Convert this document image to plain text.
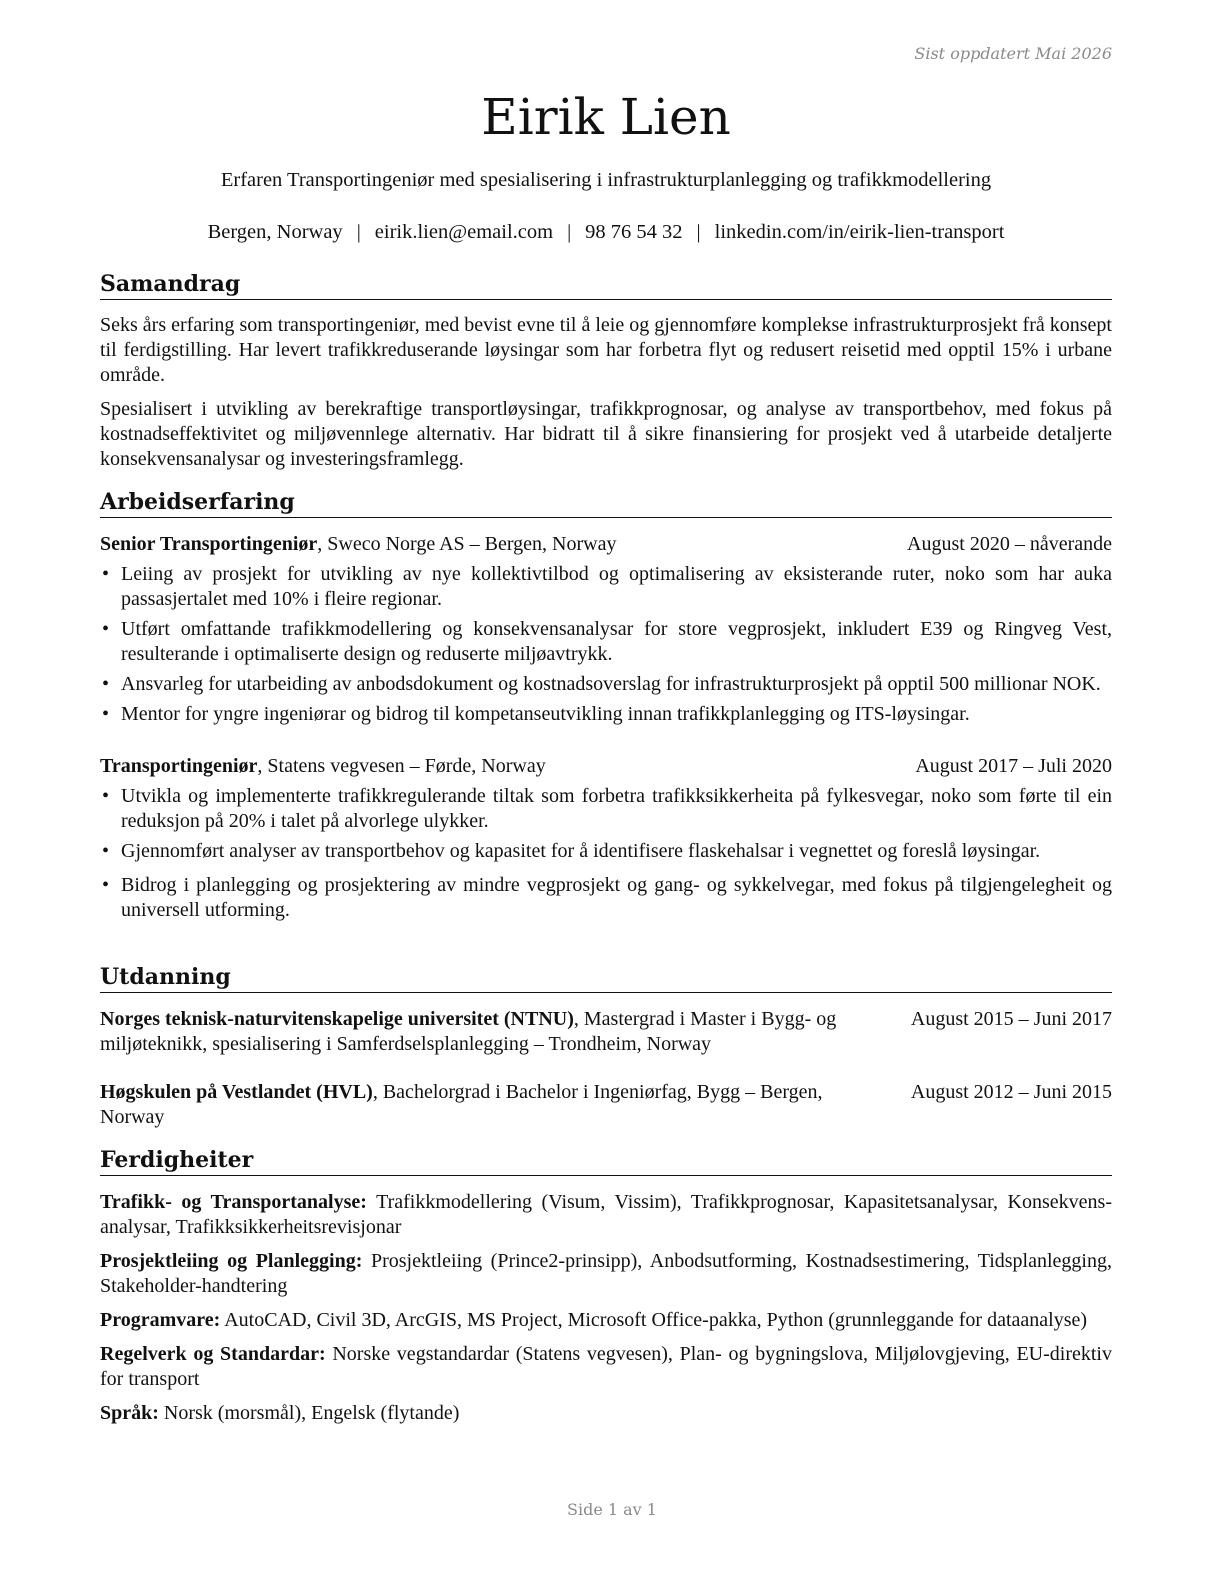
Sist oppdatert Mai 2026
Eirik Lien
Erfaren Transportingeniør med spesialisering i infrastrukturplanlegging og trafikkmodellering
Bergen, Norway | eirik.lien@email.com | 98 76 54 32 | linkedin.com/in/eirik-lien-transport
Samandrag

Seks års erfaring som transportingeniør, med bevist evne til å leie og gjennomføre komplekse infrastrukturprosjekt frå konsept til ferdigstilling. Har levert trafikkreduserande løysingar som har forbetra flyt og redusert reisetid med opptil 15% i urbane område.

Spesialisert i utvikling av berekraftige transportløysingar, trafikkprognosar, og analyse av transportbehov, med fokus på kostnadseffektivitet og miljøvennlege alternativ. Har bidratt til å sikre finansiering for prosjekt ved å utarbeide detaljerte konsekvensanalysar og investeringsframlegg.

Arbeidserfaring
Senior Transportingeniør, Sweco Norge AS – Bergen, Norway	August 2020 – nåverande
• Leiing av prosjekt for utvikling av nye kollektivtilbod og optimalisering av eksisterande ruter, noko som har auka passasjertalet med 10% i fleire regionar.
• Utført omfattande trafikkmodellering og konsekvensanalysar for store vegprosjekt, inkludert E39 og Ringveg Vest, resulterande i optimaliserte design og reduserte miljøavtrykk.
• Ansvarleg for utarbeiding av anbodsdokument og kostnadsoverslag for infrastrukturprosjekt på opptil 500 millionar NOK.
• Mentor for yngre ingeniørar og bidrog til kompetanseutvikling innan trafikkplanlegging og ITS-løysingar.
Transportingeniør, Statens vegvesen – Førde, Norway	August 2017 – Juli 2020
• Utvikla og implementerte trafikkregulerande tiltak som forbetra trafikksikkerheita på fylkesvegar, noko som førte til ein reduksjon på 20% i talet på alvorlege ulykker.
• Gjennomført analyser av transportbehov og kapasitet for å identifisere flaskehalsar i vegnettet og foreslå løysingar.
• Bidrog i planlegging og prosjektering av mindre vegprosjekt og gang- og sykkelvegar, med fokus på tilgjengelegheit og universell utforming.
Utdanning
Norges teknisk-naturvitenskapelige universitet (NTNU), Mastergrad i Master i Bygg- og miljøteknikk, spesialisering i Samferdselsplanlegging – Trondheim, Norway
August 2015 – Juni 2017
Høgskulen på Vestlandet (HVL), Bachelorgrad i Bachelor i Ingeniørfag, Bygg – Bergen, Norway
August 2012 – Juni 2015
Ferdigheiter

Trafikk- og Transportanalyse: Trafikkmodellering (Visum, Vissim), Trafikkprognosar, Kapasitetsanalysar, Konsekvensanalysar, Trafikksikkerheitsrevisjonar

Prosjektleiing og Planlegging: Prosjektleiing (Prince2-prinsipp), Anbodsutforming, Kostnadsestimering, Tidsplanlegging, Stakeholder-handtering

Programvare: AutoCAD, Civil 3D, ArcGIS, MS Project, Microsoft Office-pakka, Python (grunnleggande for dataanalyse)

Regelverk og Standardar: Norske vegstandardar (Statens vegvesen), Plan- og bygningslova, Miljølovgjeving, EU-direktiv for transport

Språk: Norsk (morsmål), Engelsk (flytande)

Side 1 av 1
